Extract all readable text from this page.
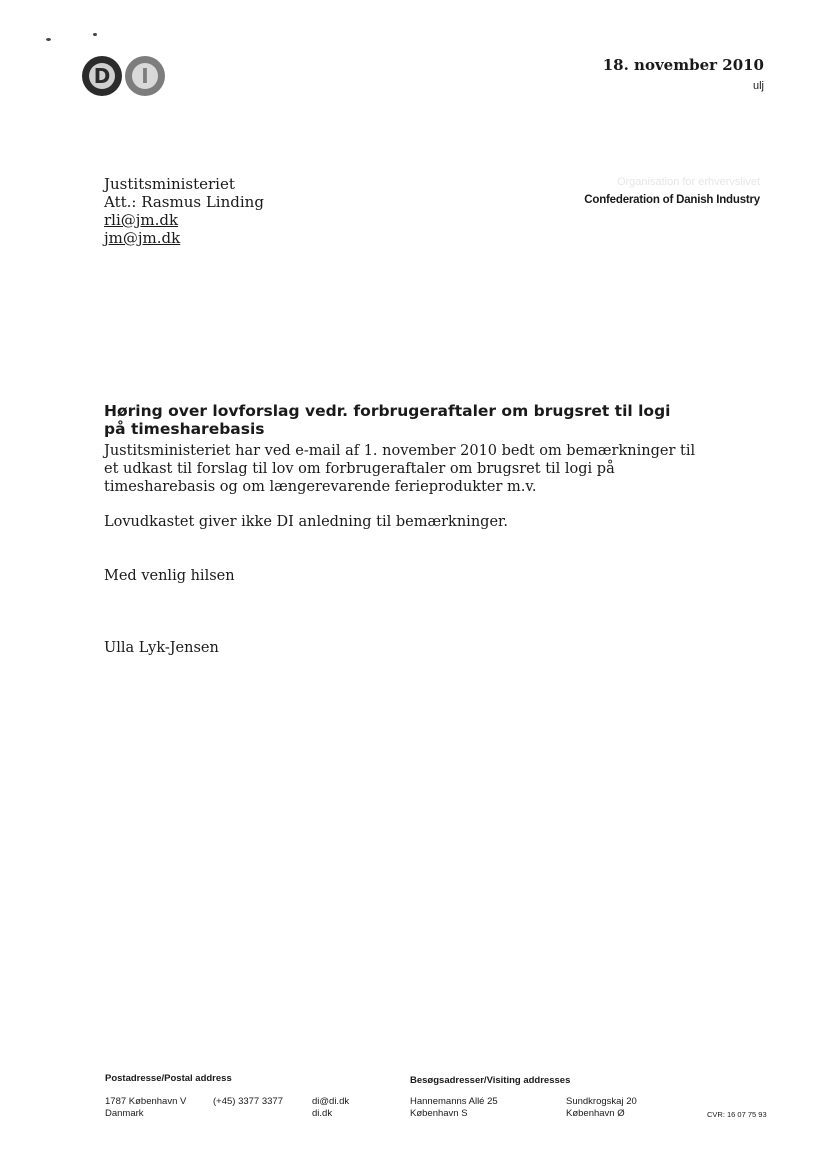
D I	18. november 2010
ulj
Organisation for erhvervslivet
Confederation of Danish Industry
Justitsministeriet
Att.: Rasmus Linding
rli@jm.dk
jm@jm.dk
Høring over lovforslag vedr. forbrugeraftaler om brugsret til logi på timesharebasis
Justitsministeriet har ved e-mail af 1. november 2010 bedt om bemærkninger til et udkast til forslag til lov om forbrugeraftaler om brugsret til logi på timesharebasis og om længerevarende ferieprodukter m.v.
Lovudkastet giver ikke DI anledning til bemærkninger.
Med venlig hilsen
Ulla Lyk-Jensen
Postadresse/Postal address
1787 København V
Danmark
(+45) 3377 3377	di@di.dk
di.dk
Besøgsadresser/Visiting addresses
Hannemanns Allé 25
København S
Sundkrogskaj 20
København Ø	CVR: 16 07 75 93
